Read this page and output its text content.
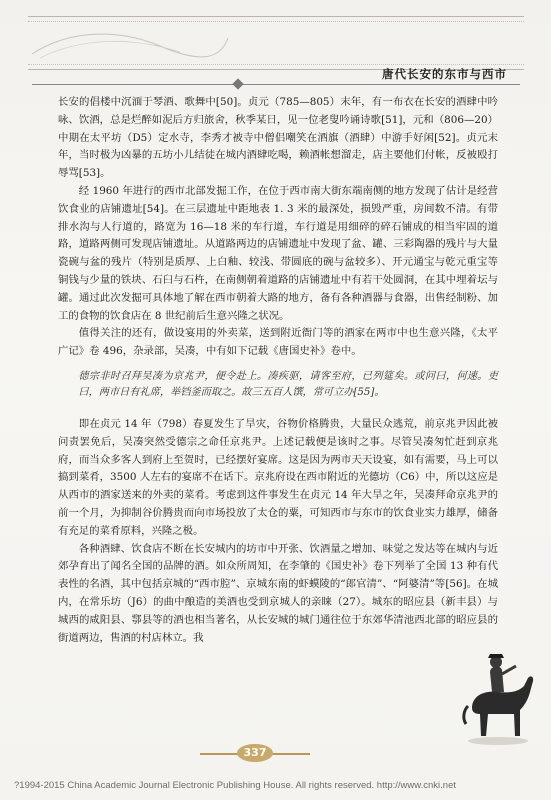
唐代长安的东市与西市

长安的倡楼中沉湎于琴酒、歌舞中[50]。贞元（785—805）末年，有一布衣在长安的酒肆中吟咏、饮酒，总是烂醉如泥后方归旅舍，秋季某日，见一位老叟吟诵诗歌[51]，元和（806—20）中期在太平坊（D5）定水寺，李秀才被寺中僧侣嘲笑在酒旗（酒肆）中游手好闲[52]。贞元末年，当时极为凶暴的五坊小儿结徒在城内酒肆吃喝，赖酒帐想溜走，店主要他们付帐，反被殴打辱骂[53]。

经 1960 年进行的西市北部发掘工作，在位于西市南大街东端南侧的地方发现了估计是经营饮食业的店铺遗址[54]。在三层遗址中距地表 1. 3 米的最深处，损毁严重，房间数不清。有带排水沟与人行道的，路宽为 16—18 米的车行道，车行道是用细碎的碎石铺成的相当牢固的道路，道路两侧可发现店铺遗址。从道路两边的店铺遗址中发现了盆、罐、三彩陶器的残片与大量瓷碗与盆的残片（特别是质厚、上白釉、较浅、带圆底的碗与盆较多）、开元通宝与乾元重宝等铜钱与少量的铁块、石臼与石杵，在南侧朝着道路的店铺遗址中有若干处圆洞，在其中埋着坛与罐。通过此次发掘可具体地了解在西市朝着大路的地方，备有各种酒器与食器，出售经制粉、加工的食物的饮食店在 8 世纪前后生意兴隆之状况。

值得关注的还有，做设宴用的外卖菜，送到附近衙门等的酒家在两市中也生意兴隆，《太平广记》卷 496，杂录部，吴凑，中有如下记载《唐国史补》卷中。

德宗非时召拜吴凑为京兆尹，便令赴上。凑疾驱，请客至府，已列筵矣。或问曰，何速。吏曰，两市日有礼席，举铛釜而取之。故三五百人馔，常可立办[55]。

即在贞元 14 年（798）春夏发生了旱灾，谷物价格腾贵，大量民众逃荒，前京兆尹因此被问责罢免后，吴凑突然受德宗之命任京兆尹。上述记载便是该时之事。尽管吴凑匆忙赶到京兆府，而当众多客人到府上至贺时，已经摆好宴席。这是因为两市天天设宴，如有需要，马上可以搞到菜肴，3500 人左右的宴席不在话下。京兆府设在西市附近的光德坊（C6）中，所以这应是从西市的酒家送来的外卖的菜肴。考虑到这件事发生在贞元 14 年大旱之年，吴凑拜命京兆尹的前一个月，为抑制谷价腾贵而向市场投放了太仓的粟，可知西市与东市的饮食业实力雄厚，储备有充足的菜肴原料，兴隆之极。

各种酒肆、饮食店不断在长安城内的坊市中开张、饮酒量之增加、味觉之发达等在城内与近郊孕育出了闻名全国的品牌的酒。如众所周知，在李肇的《国史补》卷下列举了全国 13 种有代表性的名酒，其中包括京城的“西市腔”、京城东南的虾蟆陵的“郎官清”、“阿婆清”等[56]。在城内，在常乐坊（J6）的曲中酿造的美酒也受到京城人的亲睐（27）。城东的昭应县（新丰县）与城西的咸阳县、鄠县等的酒也相当著名，从长安城的城门通往位于东郊华清池西北部的昭应县的街道两边，售酒的村店林立。我

337
?1994-2015 China Academic Journal Electronic Publishing House. All rights reserved. http://www.cnki.net
